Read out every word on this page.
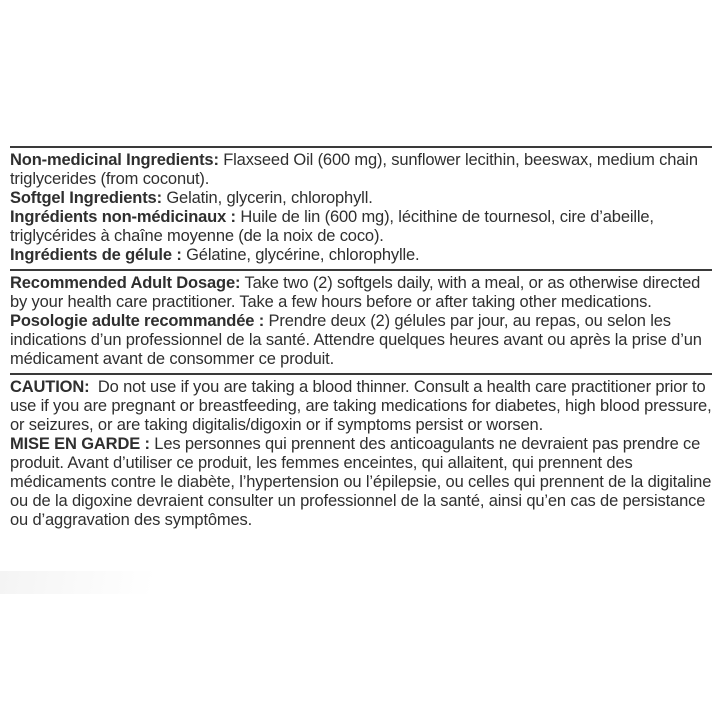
Non-medicinal Ingredients: Flaxseed Oil (600 mg), sunflower lecithin, beeswax, medium chain triglycerides (from coconut).

Softgel Ingredients: Gelatin, glycerin, chlorophyll.

Ingrédients non-médicinaux : Huile de lin (600 mg), lécithine de tournesol, cire d’abeille, triglycérides à chaîne moyenne (de la noix de coco).

Ingrédients de gélule : Gélatine, glycérine, chlorophylle.

Recommended Adult Dosage: Take two (2) softgels daily, with a meal, or as otherwise directed by your health care practitioner. Take a few hours before or after taking other medications.

Posologie adulte recommandée : Prendre deux (2) gélules par jour, au repas, ou selon les indications d’un professionnel de la santé. Attendre quelques heures avant ou après la prise d’un médicament avant de consommer ce produit.

CAUTION: Do not use if you are taking a blood thinner. Consult a health care practitioner prior to use if you are pregnant or breastfeeding, are taking medications for diabetes, high blood pressure, or seizures, or are taking digitalis/digoxin or if symptoms persist or worsen.

MISE EN GARDE : Les personnes qui prennent des anticoagulants ne devraient pas prendre ce produit. Avant d’utiliser ce produit, les femmes enceintes, qui allaitent, qui prennent des médicaments contre le diabète, l’hypertension ou l’épilepsie, ou celles qui prennent de la digitaline ou de la digoxine devraient consulter un professionnel de la santé, ainsi qu’en cas de persistance ou d’aggravation des symptômes.
